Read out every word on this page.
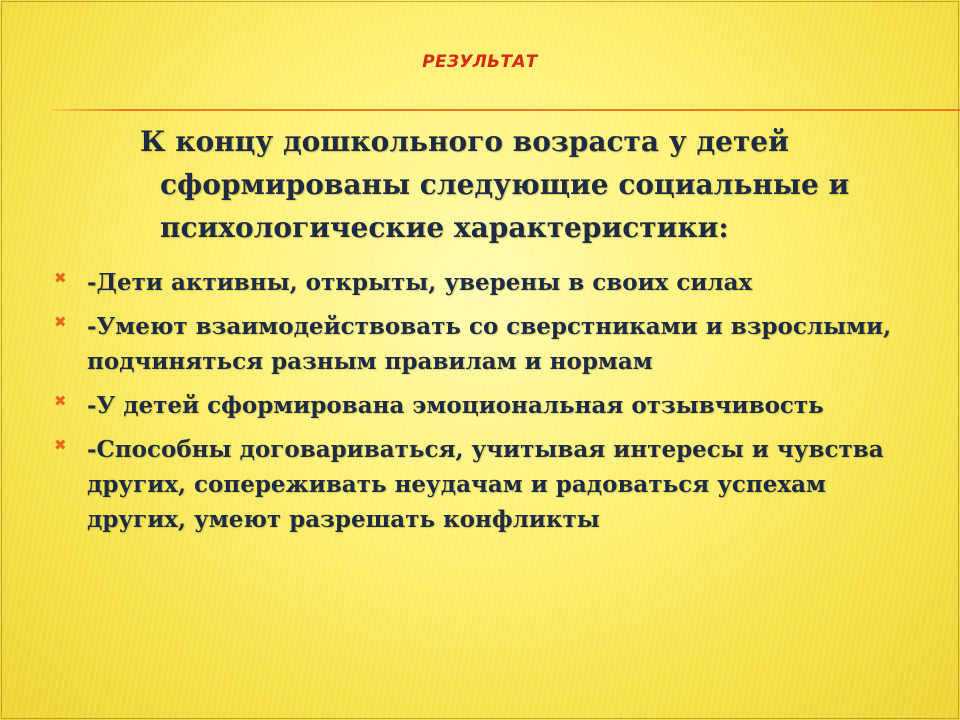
РЕЗУЛЬТАТ

К концу дошкольного возраста у детей сформированы следующие социальные и психологические характеристики:

✖ -Дети активны, открыты, уверены в своих силах
✖ -Умеют взаимодействовать со сверстниками и взрослыми, подчиняться разным правилам и нормам
✖ -У детей сформирована эмоциональная отзывчивость
✖ -Способны договариваться, учитывая интересы и чувства других, сопереживать неудачам и радоваться успехам других, умеют разрешать конфликты
